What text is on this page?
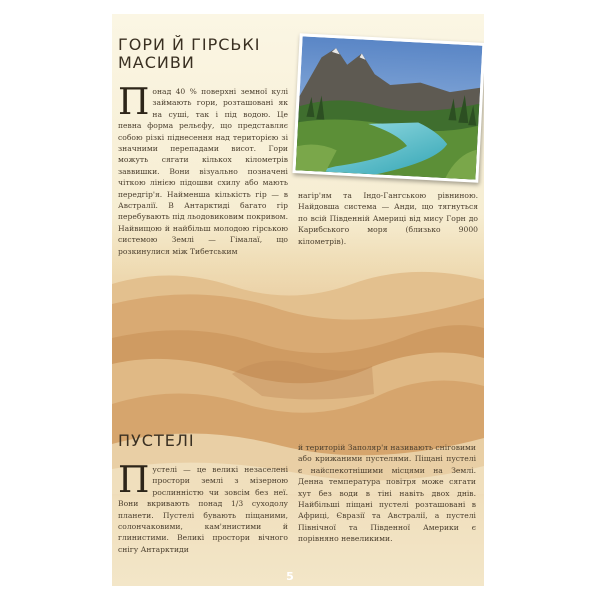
ГОРИ Й ГІРСЬКІ МАСИВИ

Понад 40 % поверхні земної кулі займають гори, розташовані як на суші, так і під водою. Це певна форма рельєфу, що представляє собою різкі піднесення над територією зі значними перепадами висот. Гори можуть сягати кількох кілометрів заввишки. Вони візуально позначені чіткою лінією підошви схилу або мають передгір'я. Найменша кількість гір — в Австралії. В Антарктиді багато гір перебувають під льодовиковим покривом. Найвищою й найбільш молодою гірською системою Землі — Гімалаї, що розкинулися між Тибетським

нагір'ям та Індо-Гангською рівниною. Найдовша система — Анди, що тягнуться по всій Південній Америці від мису Горн до Карибського моря (близько 9000 кілометрів).

ПУСТЕЛІ

Пустелі — це великі незаселені простори землі з мізерною рослинністю чи зовсім без неї. Вони вкривають понад 1/3 суходолу планети. Пустелі бувають піщаними, солончаковими, кам'янистими й глинистими. Великі простори вічного снігу Антарктиди

й територій Заполяр'я називають сніговими або крижаними пустелями. Піщані пустелі є найспекотнішими місцями на Землі. Денна температура повітря може сягати хут без води в тіні навіть двох днів. Найбільші піщані пустелі розташовані в Африці, Євразії та Австралії, а пустелі Північної та Південної Америки є порівняно невеликими.

5
